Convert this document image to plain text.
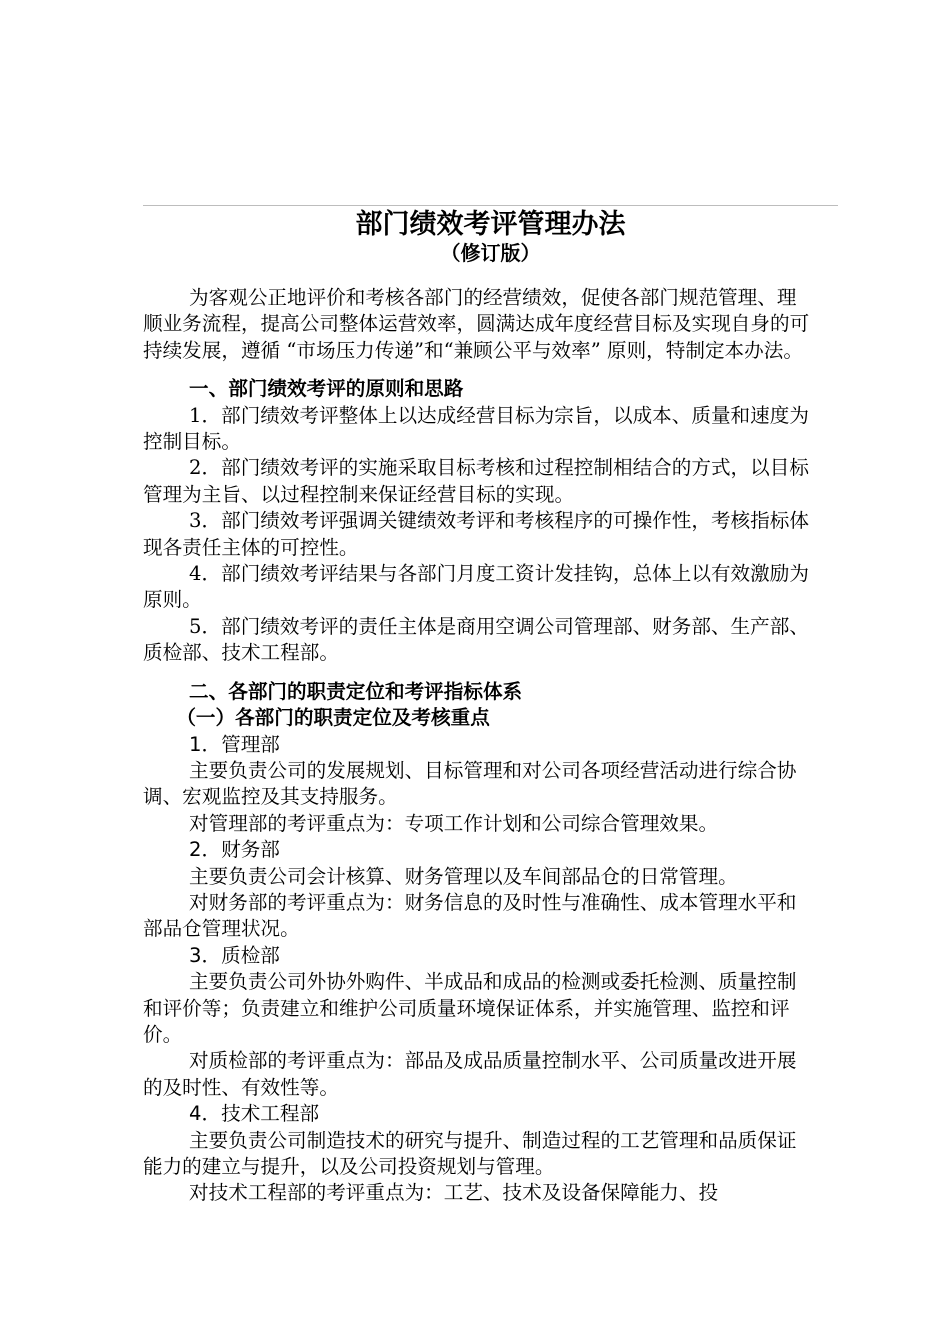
部门绩效考评管理办法
（修订版）

为客观公正地评价和考核各部门的经营绩效，促使各部门规范管理、理顺业务流程，提高公司整体运营效率，圆满达成年度经营目标及实现自身的可持续发展，遵循 “市场压力传递”和“兼顾公平与效率” 原则，特制定本办法。

一、部门绩效考评的原则和思路

1．部门绩效考评整体上以达成经营目标为宗旨，以成本、质量和速度为控制目标。

2．部门绩效考评的实施采取目标考核和过程控制相结合的方式，以目标管理为主旨、以过程控制来保证经营目标的实现。

3．部门绩效考评强调关键绩效考评和考核程序的可操作性，考核指标体现各责任主体的可控性。

4．部门绩效考评结果与各部门月度工资计发挂钩，总体上以有效激励为原则。

5．部门绩效考评的责任主体是商用空调公司管理部、财务部、生产部、质检部、技术工程部。

二、各部门的职责定位和考评指标体系

（一）各部门的职责定位及考核重点

1．管理部

主要负责公司的发展规划、目标管理和对公司各项经营活动进行综合协调、宏观监控及其支持服务。

对管理部的考评重点为：专项工作计划和公司综合管理效果。

2．财务部

主要负责公司会计核算、财务管理以及车间部品仓的日常管理。

对财务部的考评重点为：财务信息的及时性与准确性、成本管理水平和部品仓管理状况。

3．质检部

主要负责公司外协外购件、半成品和成品的检测或委托检测、质量控制和评价等；负责建立和维护公司质量环境保证体系，并实施管理、监控和评价。

对质检部的考评重点为：部品及成品质量控制水平、公司质量改进开展的及时性、有效性等。

4．技术工程部

主要负责公司制造技术的研究与提升、制造过程的工艺管理和品质保证能力的建立与提升，以及公司投资规划与管理。

对技术工程部的考评重点为：工艺、技术及设备保障能力、投
